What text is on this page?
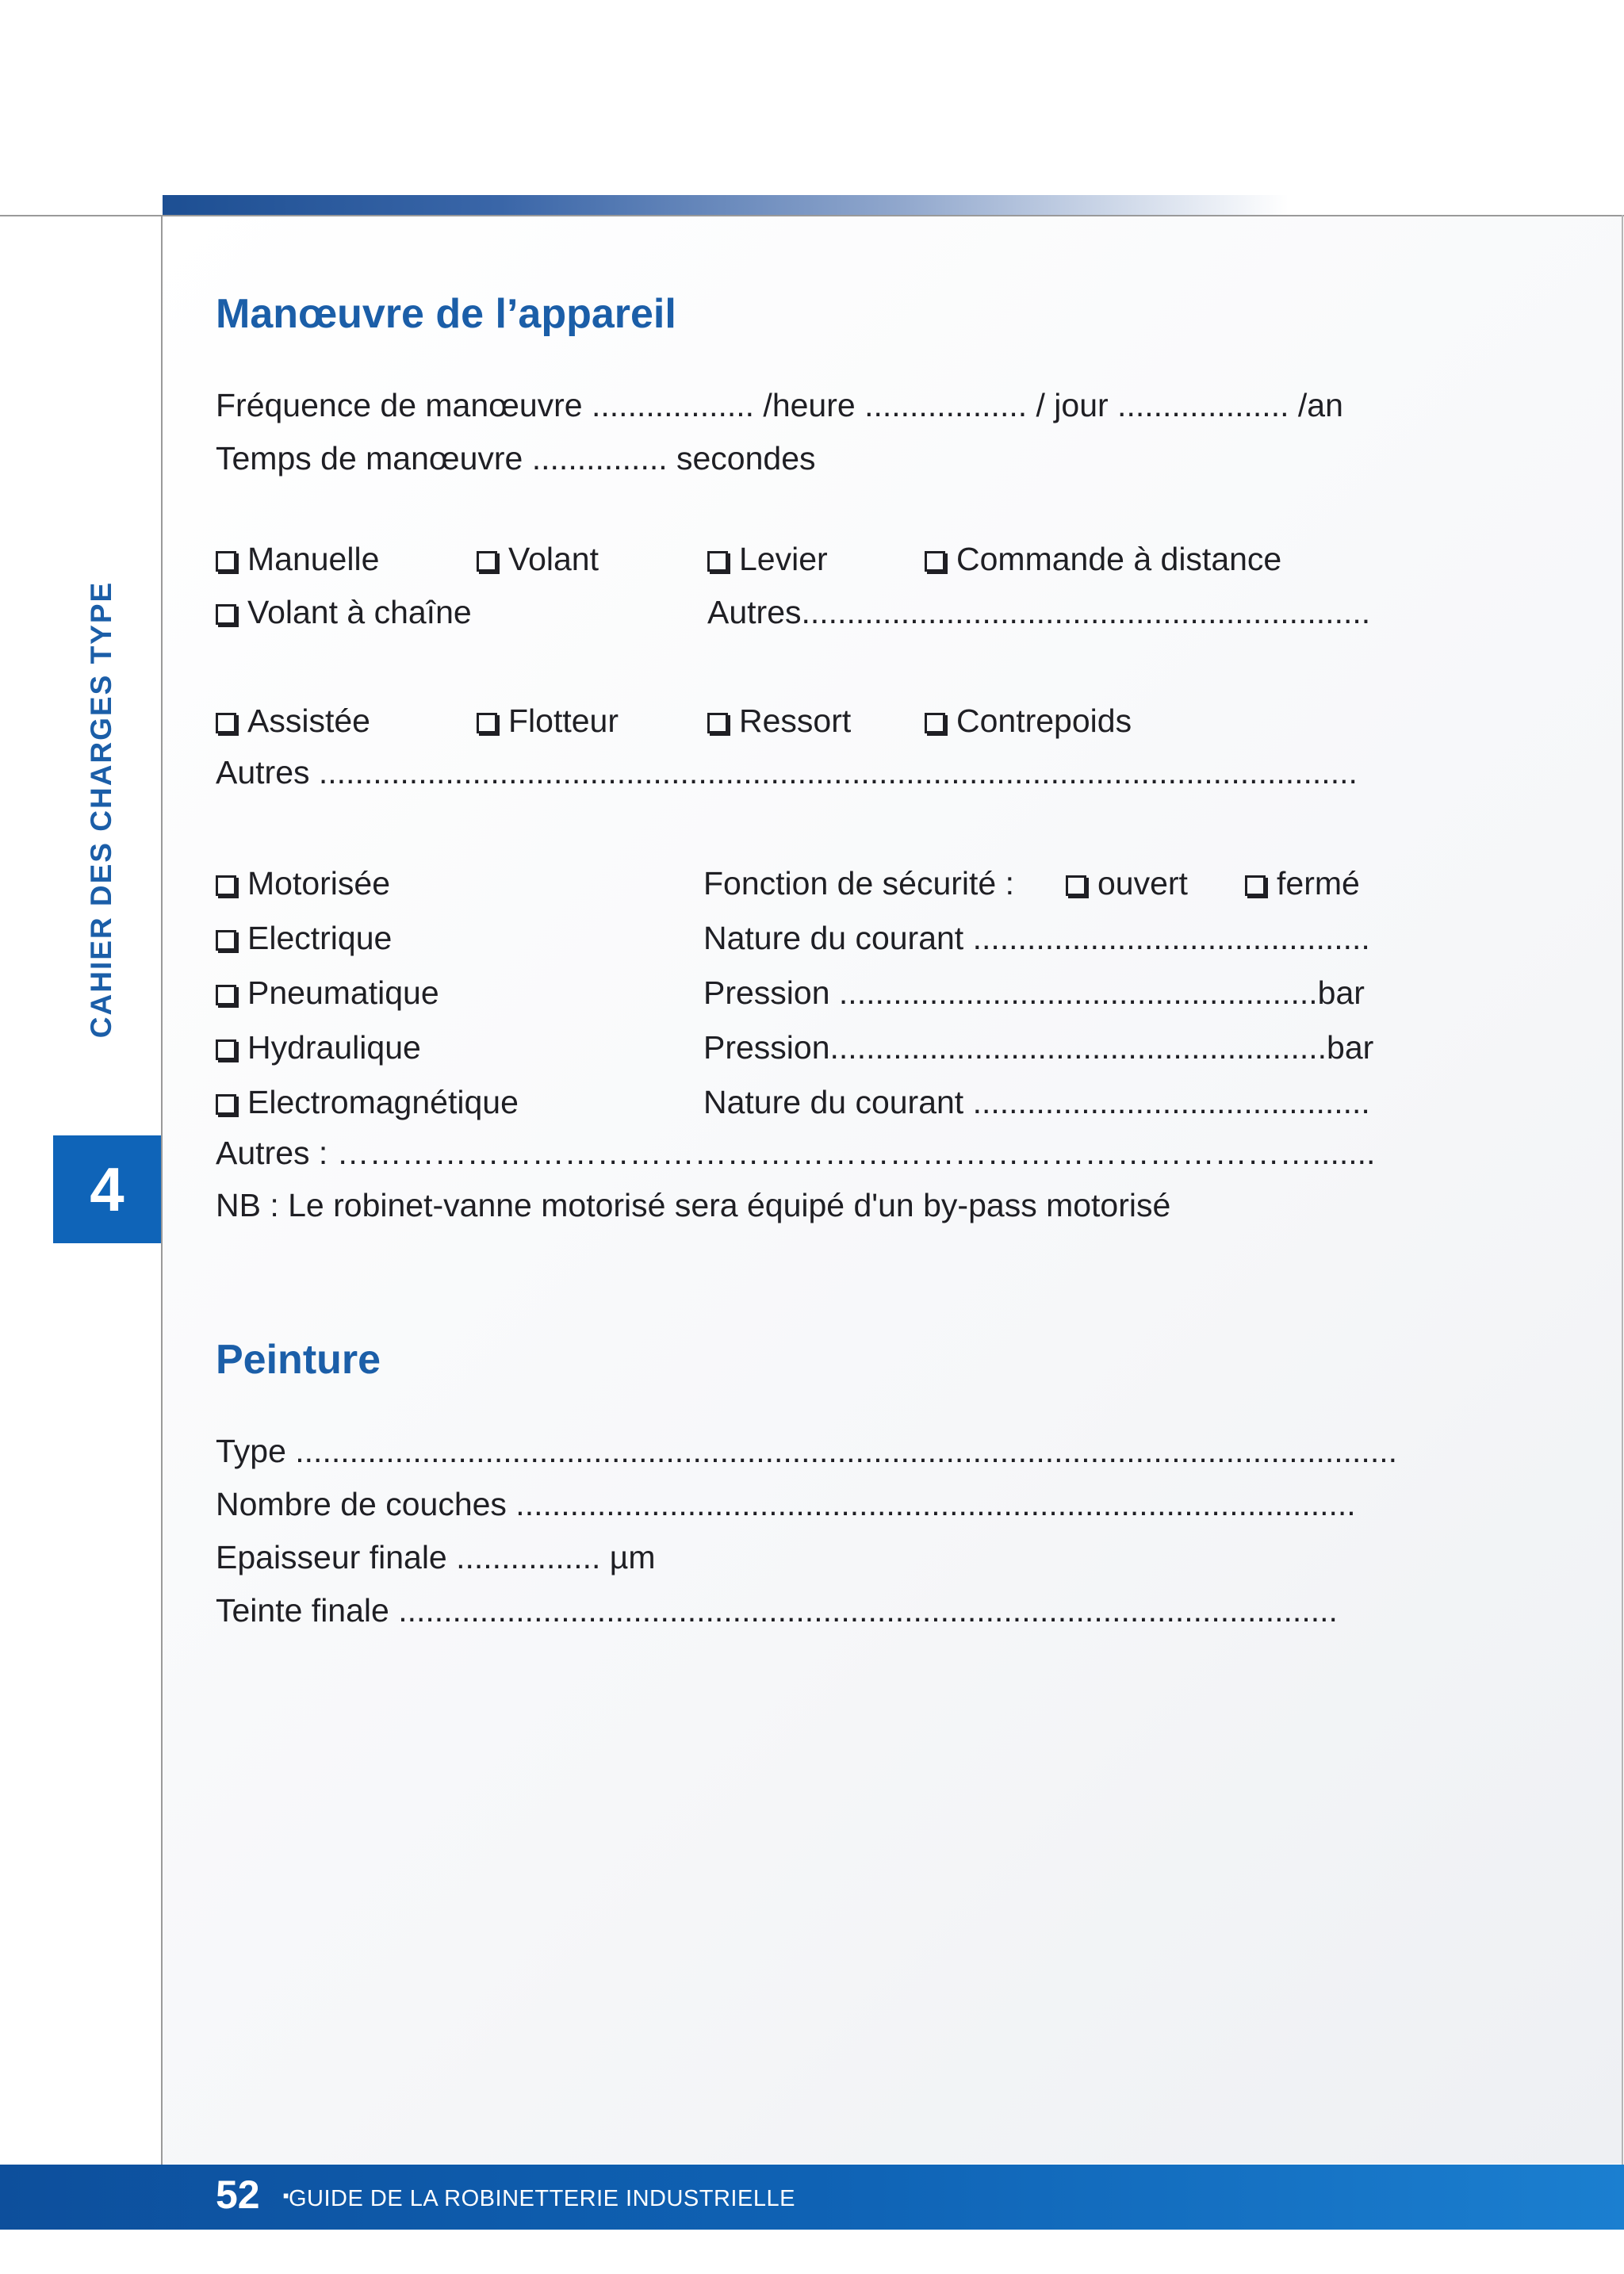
CAHIER DES CHARGES TYPE
4
Manœuvre de l’appareil
Fréquence de manœuvre .................. /heure .................. / jour ................... /an
Temps de manœuvre ............... secondes
Manuelle	Volant	Levier	Commande à distance
Volant à chaîne	Autres...............................................................
Assistée	Flotteur	Ressort	Contrepoids
Autres ...................................................................................................................
Motorisée	Fonction de sécurité :	ouvert	fermé
Electrique	Nature du courant ............................................
Pneumatique	Pression .....................................................bar
Hydraulique	Pression.......................................................bar
Electromagnétique	Nature du courant ............................................
Autres : ……………………………………………………………………………….......
NB : Le robinet-vanne motorisé sera équipé d'un by-pass motorisé
Peinture
Type ..........................................................................................................................
Nombre de couches .............................................................................................
Epaisseur finale ................ µm
Teinte finale ........................................................................................................
52 ·
GUIDE DE LA ROBINETTERIE INDUSTRIELLE
